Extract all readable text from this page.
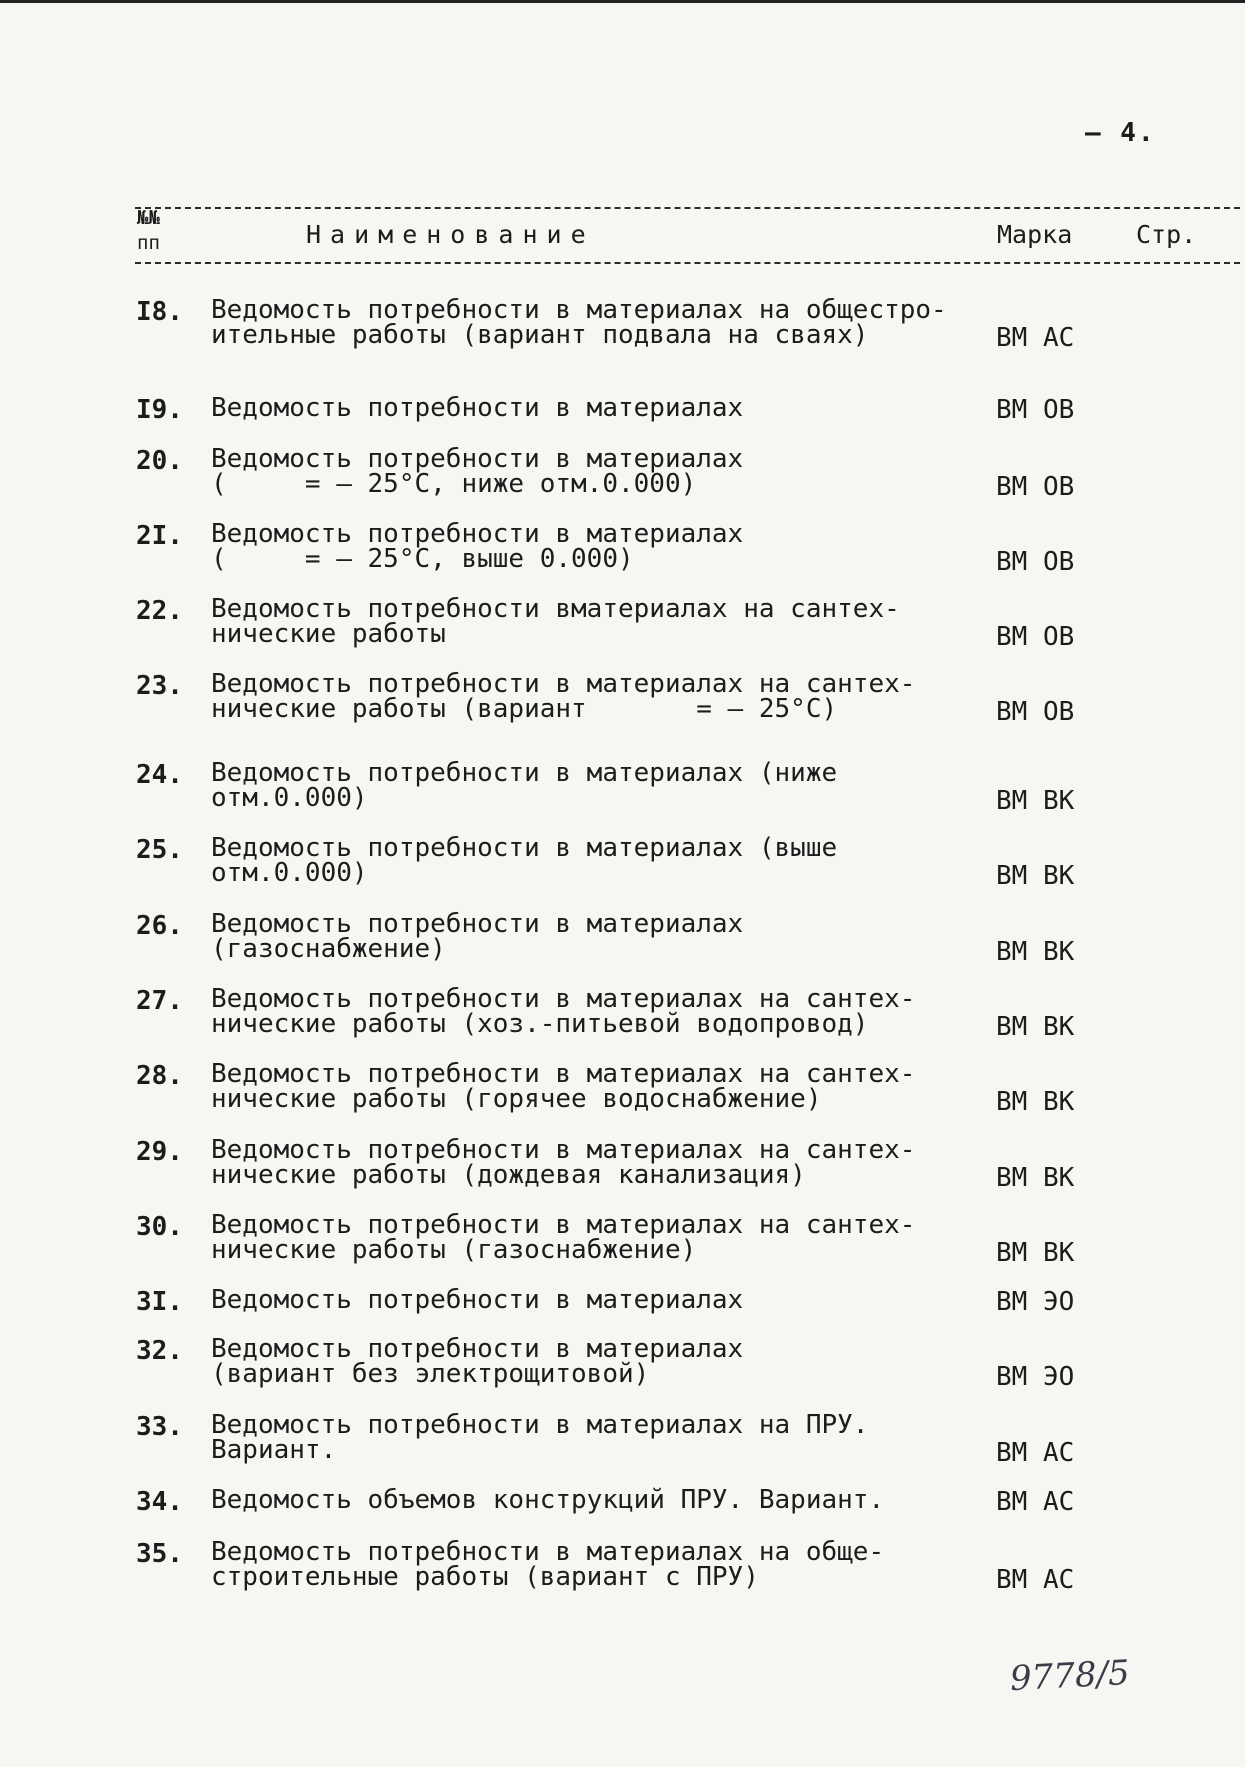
– 4.
№№
пп	Наименование	Марка	Стр.
I8. Ведомость потребности в материалах на общестро-
ительные работы (вариант подвала на сваях)	ВМ АС
I9. Ведомость потребности в материалах	ВМ ОВ
20. Ведомость потребности в материалах
(     = – 25°С, ниже отм.0.000)	ВМ ОВ
2I. Ведомость потребности в материалах
(     = – 25°С, выше 0.000)	ВМ ОВ
22. Ведомость потребности вматериалах на сантех-
нические работы	ВМ ОВ
23. Ведомость потребности в материалах на сантех-
нические работы (вариант       = – 25°С)	ВМ ОВ
24. Ведомость потребности в материалах (ниже
отм.0.000)	ВМ ВК
25. Ведомость потребности в материалах (выше
отм.0.000)	ВМ ВК
26. Ведомость потребности в материалах
(газоснабжение)	ВМ ВК
27. Ведомость потребности в материалах на сантех-
нические работы (хоз.-питьевой водопровод)	ВМ ВК
28. Ведомость потребности в материалах на сантех-
нические работы (горячее водоснабжение)	ВМ ВК
29. Ведомость потребности в материалах на сантех-
нические работы (дождевая канализация)	ВМ ВК
30. Ведомость потребности в материалах на сантех-
нические работы (газоснабжение)	ВМ ВК
3I. Ведомость потребности в материалах	ВМ ЭО
32. Ведомость потребности в материалах
(вариант без электрощитовой)	ВМ ЭО
33. Ведомость потребности в материалах на ПРУ.
Вариант.	ВМ АС
34. Ведомость объемов конструкций ПРУ. Вариант.	ВМ АС
35. Ведомость потребности в материалах на обще-
строительные работы (вариант с ПРУ)	ВМ АС
9778/5
